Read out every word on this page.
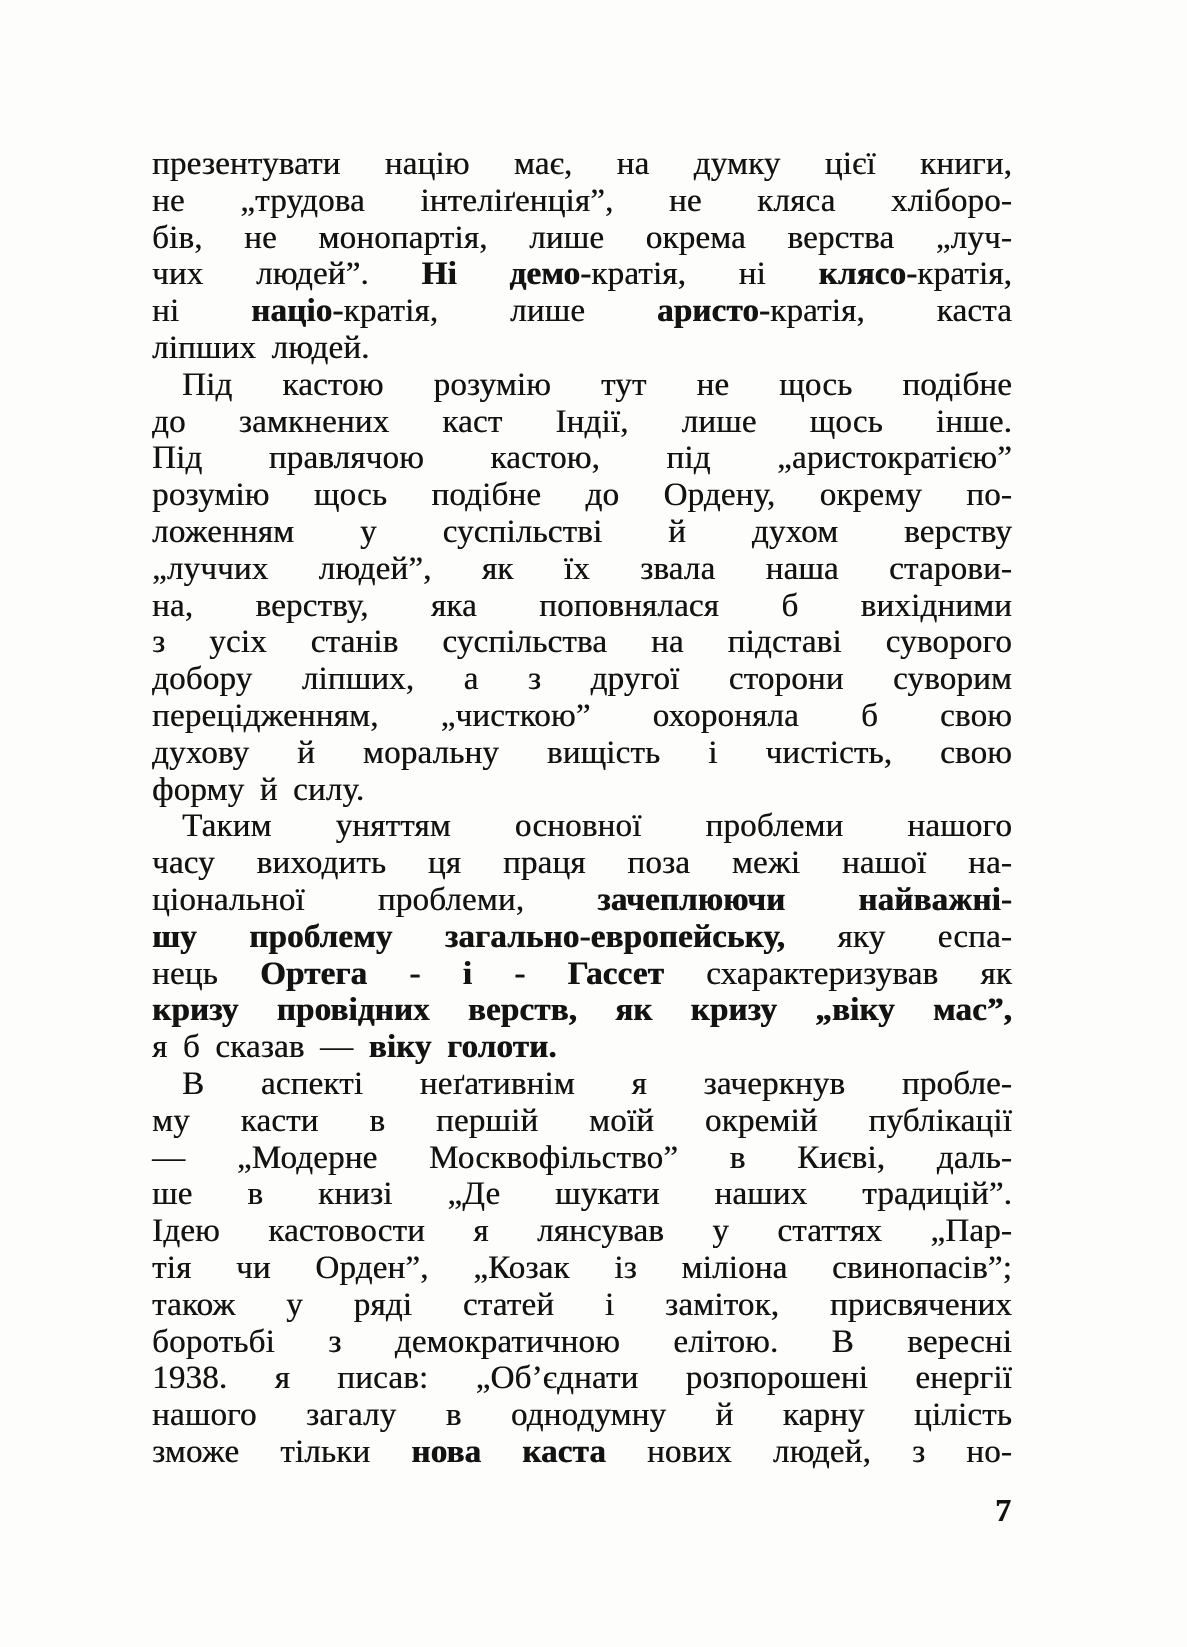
презентувати націю має, на думку цієї книги,
не „трудова інтеліґенція”, не кляса хліборо-
бів, не монопартія, лише окрема верства „луч-
чих людей”. Ні демо-кратія, ні клясо-кратія,
ні націо-кратія, лише аристо-кратія, каста
ліпших людей.
Під кастою розумію тут не щось подібне
до замкнених каст Індії, лише щось інше.
Під правлячою кастою, під „аристократією”
розумію щось подібне до Ордену, окрему по-
ложенням у суспільстві й духом верству
„луччих людей”, як їх звала наша старови-
на, верству, яка поповнялася б вихідними
з усіх станів суспільства на підставі суворого
добору ліпших, а з другої сторони суворим
перецідженням, „чисткою” охороняла б свою
духову й моральну вищість і чистість, свою
форму й силу.
Таким уняттям основної проблеми нашого
часу виходить ця праця поза межі нашої на-
ціональної проблеми, зачеплюючи найважні-
шу проблему загально-европейську, яку еспа-
нець Ортега - і - Гассет схарактеризував як
кризу провідних верств, як кризу „віку мас”,
я б сказав — віку голоти.
В аспекті неґативнім я зачеркнув пробле-
му касти в першій моїй окремій публікації
— „Модерне Москвофільство” в Києві, даль-
ше в книзі „Де шукати наших традицій”.
Ідею кастовости я лянсував у статтях „Пар-
тія чи Орден”, „Козак із міліона свинопасів”;
також у ряді статей і заміток, присвячених
боротьбі з демократичною елітою. В вересні
1938. я писав: „Об’єднати розпорошені енергії
нашого загалу в однодумну й карну цілість
зможе тільки нова каста нових людей, з но-
7
